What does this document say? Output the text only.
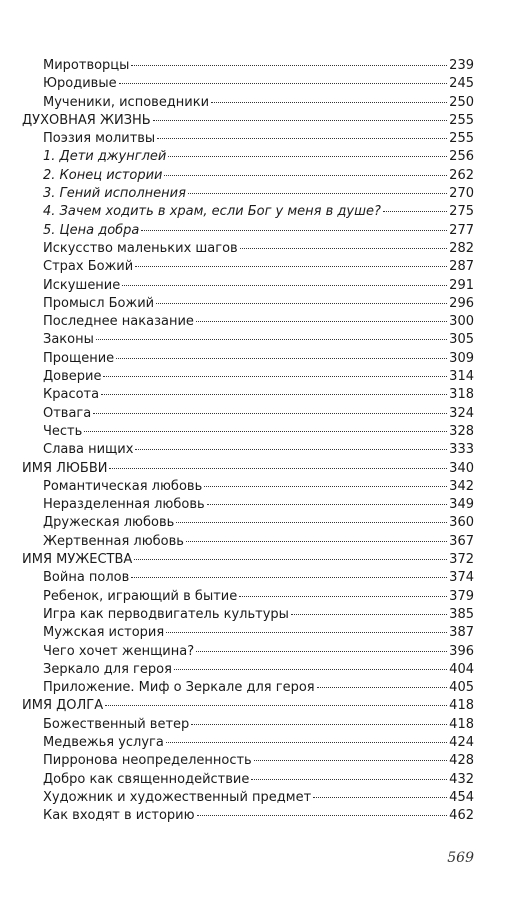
Миротворцы	239
Юродивые	245
Мученики, исповедники	250
ДУХОВНАЯ ЖИЗНЬ	255
Поэзия молитвы	255
1. Дети джунглей	256
2. Конец истории	262
3. Гений исполнения	270
4. Зачем ходить в храм, если Бог у меня в душе?	275
5. Цена добра	277
Искусство маленьких шагов	282
Страх Божий	287
Искушение	291
Промысл Божий	296
Последнее наказание	300
Законы	305
Прощение	309
Доверие	314
Красота	318
Отвага	324
Честь	328
Слава нищих	333
ИМЯ ЛЮБВИ	340
Романтическая любовь	342
Неразделенная любовь	349
Дружеская любовь	360
Жертвенная любовь	367
ИМЯ МУЖЕСТВА	372
Война полов	374
Ребенок, играющий в бытие	379
Игра как перводвигатель культуры	385
Мужская история	387
Чего хочет женщина?	396
Зеркало для героя	404
Приложение. Миф о Зеркале для героя	405
ИМЯ ДОЛГА	418
Божественный ветер	418
Медвежья услуга	424
Пирронова неопределенность	428
Добро как священнодействие	432
Художник и художественный предмет	454
Как входят в историю	462
569
